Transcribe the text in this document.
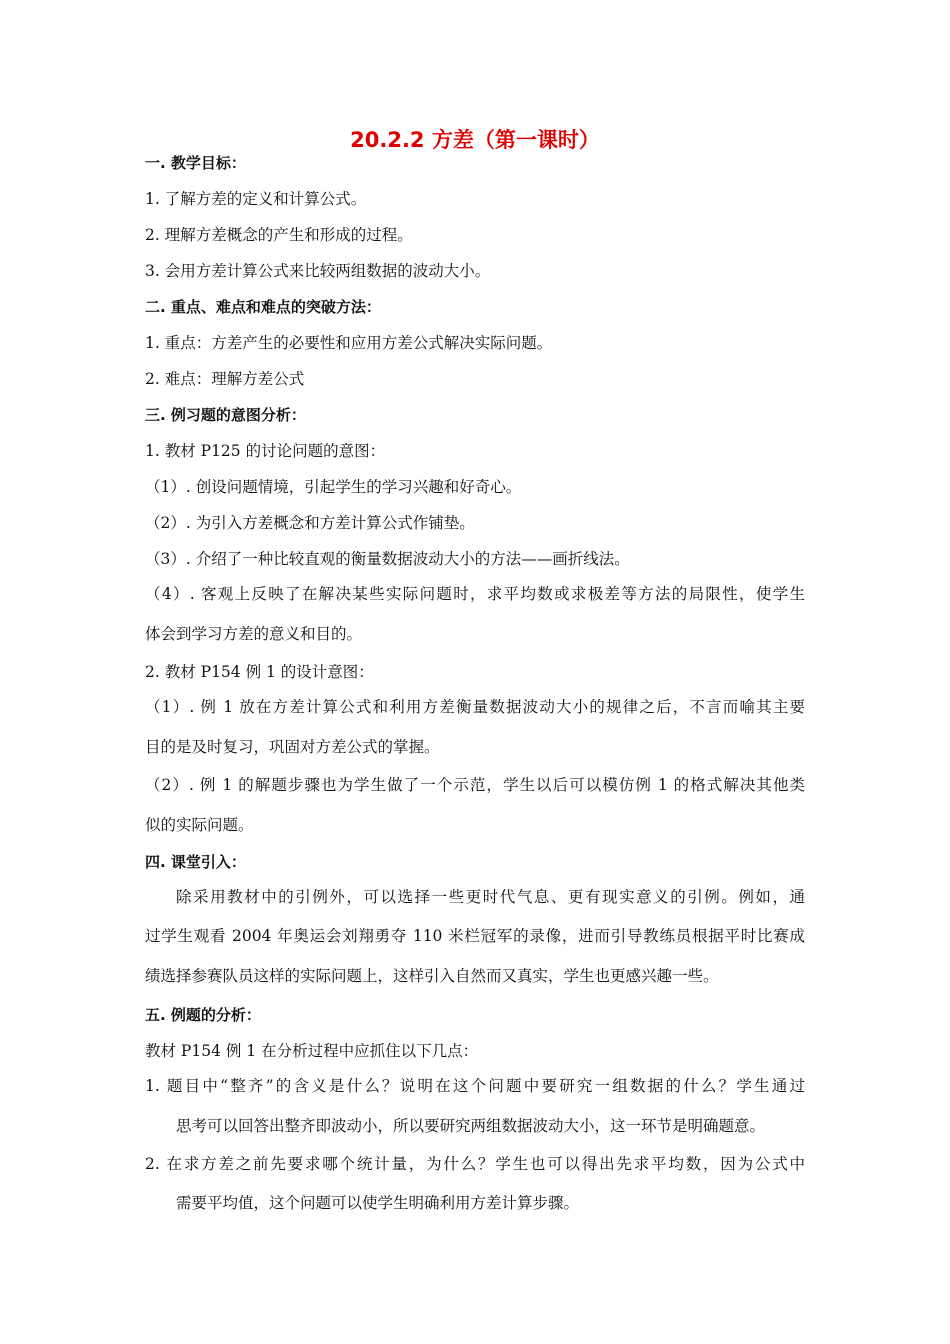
20.2.2 方差（第一课时）
一. 教学目标：
1. 了解方差的定义和计算公式。
2. 理解方差概念的产生和形成的过程。
3. 会用方差计算公式来比较两组数据的波动大小。
二. 重点、难点和难点的突破方法：
1. 重点：方差产生的必要性和应用方差公式解决实际问题。
2. 难点：理解方差公式
三. 例习题的意图分析：
1. 教材 P125 的讨论问题的意图：
（1）. 创设问题情境，引起学生的学习兴趣和好奇心。
（2）. 为引入方差概念和方差计算公式作铺垫。
（3）. 介绍了一种比较直观的衡量数据波动大小的方法——画折线法。
（4）. 客观上反映了在解决某些实际问题时，求平均数或求极差等方法的局限性，使学生
体会到学习方差的意义和目的。
2. 教材 P154 例 1 的设计意图：
（1）. 例 1 放在方差计算公式和利用方差衡量数据波动大小的规律之后，不言而喻其主要
目的是及时复习，巩固对方差公式的掌握。
（2）. 例 1 的解题步骤也为学生做了一个示范，学生以后可以模仿例 1 的格式解决其他类
似的实际问题。
四. 课堂引入：
除采用教材中的引例外，可以选择一些更时代气息、更有现实意义的引例。例如，通
过学生观看 2004 年奥运会刘翔勇夺 110 米栏冠军的录像，进而引导教练员根据平时比赛成
绩选择参赛队员这样的实际问题上，这样引入自然而又真实，学生也更感兴趣一些。
五. 例题的分析：
教材 P154 例 1 在分析过程中应抓住以下几点：
1. 题目中“整齐”的含义是什么？说明在这个问题中要研究一组数据的什么？学生通过
思考可以回答出整齐即波动小，所以要研究两组数据波动大小，这一环节是明确题意。
2. 在求方差之前先要求哪个统计量，为什么？学生也可以得出先求平均数，因为公式中
需要平均值，这个问题可以使学生明确利用方差计算步骤。
